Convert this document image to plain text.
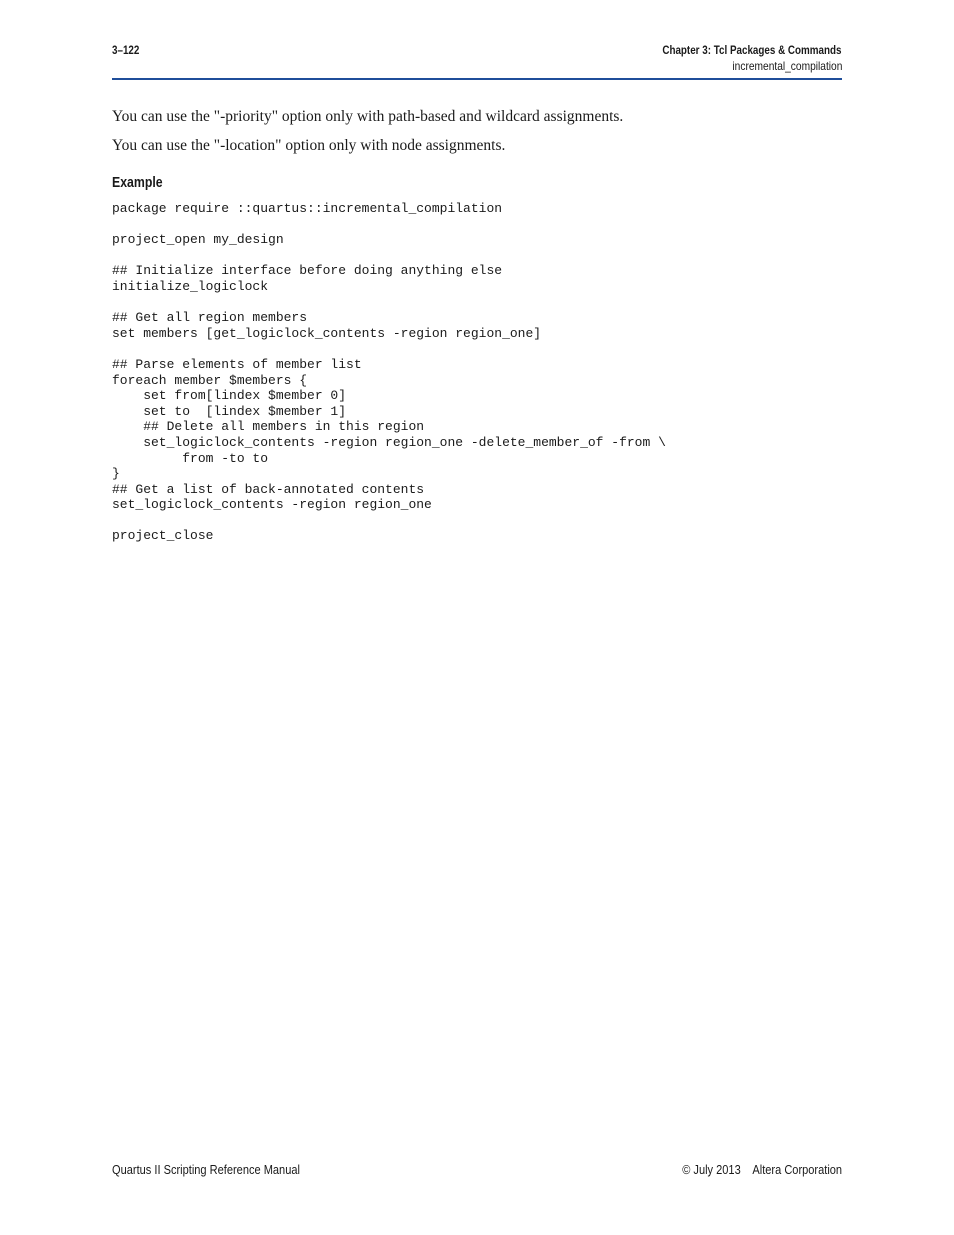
3–122	Chapter 3: Tcl Packages & Commands
incremental_compilation
You can use the "-priority" option only with path-based and wildcard assignments.
You can use the "-location" option only with node assignments.
Example
package require ::quartus::incremental_compilation

project_open my_design

## Initialize interface before doing anything else
initialize_logiclock

## Get all region members
set members [get_logiclock_contents -region region_one]

## Parse elements of member list
foreach member $members {
set from[lindex $member 0]
set to  [lindex $member 1]
## Delete all members in this region
set_logiclock_contents -region region_one -delete_member_of -from \
from -to to
}
## Get a list of back-annotated contents
set_logiclock_contents -region region_one

project_close
Quartus II Scripting Reference Manual	© July 2013    Altera Corporation
